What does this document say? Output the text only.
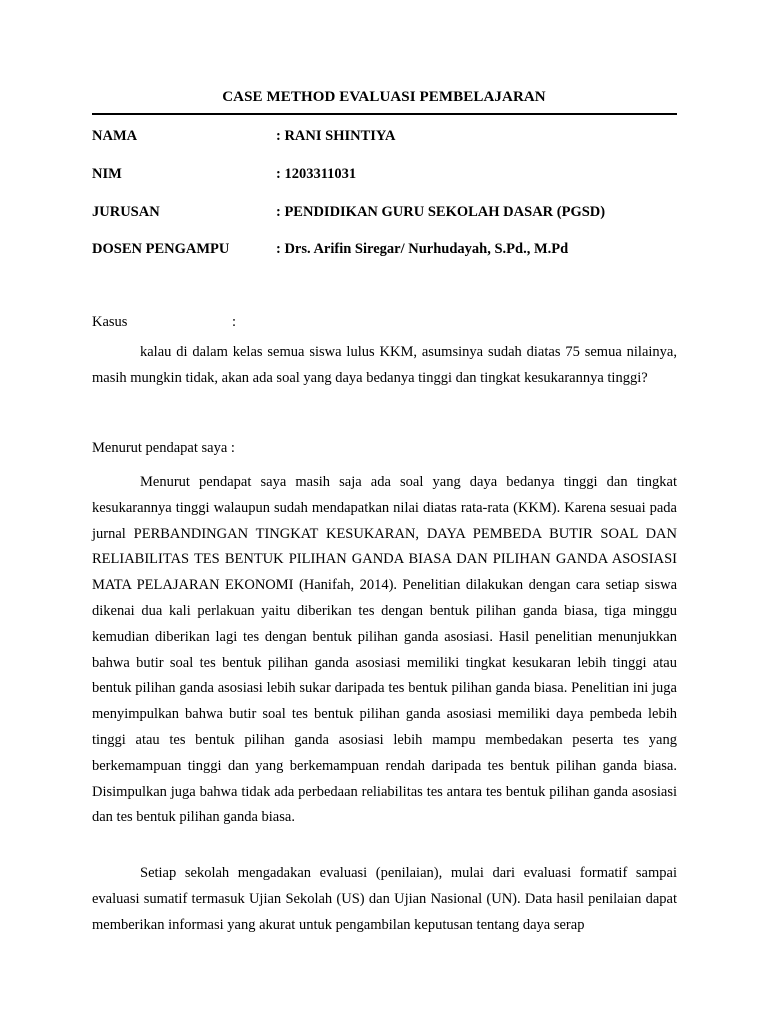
CASE METHOD EVALUASI PEMBELAJARAN
NAMA	: RANI SHINTIYA
NIM	: 1203311031
JURUSAN	: PENDIDIKAN GURU SEKOLAH DASAR (PGSD)
DOSEN PENGAMPU	: Drs. Arifin Siregar/ Nurhudayah, S.Pd., M.Pd
Kasus	:

kalau di dalam kelas semua siswa lulus KKM, asumsinya sudah diatas 75 semua nilainya, masih mungkin tidak, akan ada soal yang daya bedanya tinggi dan tingkat kesukarannya tinggi?

Menurut pendapat saya :

Menurut pendapat saya masih saja ada soal yang daya bedanya tinggi dan tingkat kesukarannya tinggi walaupun sudah mendapatkan nilai diatas rata-rata (KKM). Karena sesuai pada jurnal PERBANDINGAN TINGKAT KESUKARAN, DAYA PEMBEDA BUTIR SOAL DAN RELIABILITAS TES BENTUK PILIHAN GANDA BIASA DAN PILIHAN GANDA ASOSIASI MATA PELAJARAN EKONOMI (Hanifah, 2014). Penelitian dilakukan dengan cara setiap siswa dikenai dua kali perlakuan yaitu diberikan tes dengan bentuk pilihan ganda biasa, tiga minggu kemudian diberikan lagi tes dengan bentuk pilihan ganda asosiasi. Hasil penelitian menunjukkan bahwa butir soal tes bentuk pilihan ganda asosiasi memiliki tingkat kesukaran lebih tinggi atau bentuk pilihan ganda asosiasi lebih sukar daripada tes bentuk pilihan ganda biasa. Penelitian ini juga menyimpulkan bahwa butir soal tes bentuk pilihan ganda asosiasi memiliki daya pembeda lebih tinggi atau tes bentuk pilihan ganda asosiasi lebih mampu membedakan peserta tes yang berkemampuan tinggi dan yang berkemampuan rendah daripada tes bentuk pilihan ganda biasa. Disimpulkan juga bahwa tidak ada perbedaan reliabilitas tes antara tes bentuk pilihan ganda asosiasi dan tes bentuk pilihan ganda biasa.

Setiap sekolah mengadakan evaluasi (penilaian), mulai dari evaluasi formatif sampai evaluasi sumatif termasuk Ujian Sekolah (US) dan Ujian Nasional (UN). Data hasil penilaian dapat memberikan informasi yang akurat untuk pengambilan keputusan tentang daya serap
